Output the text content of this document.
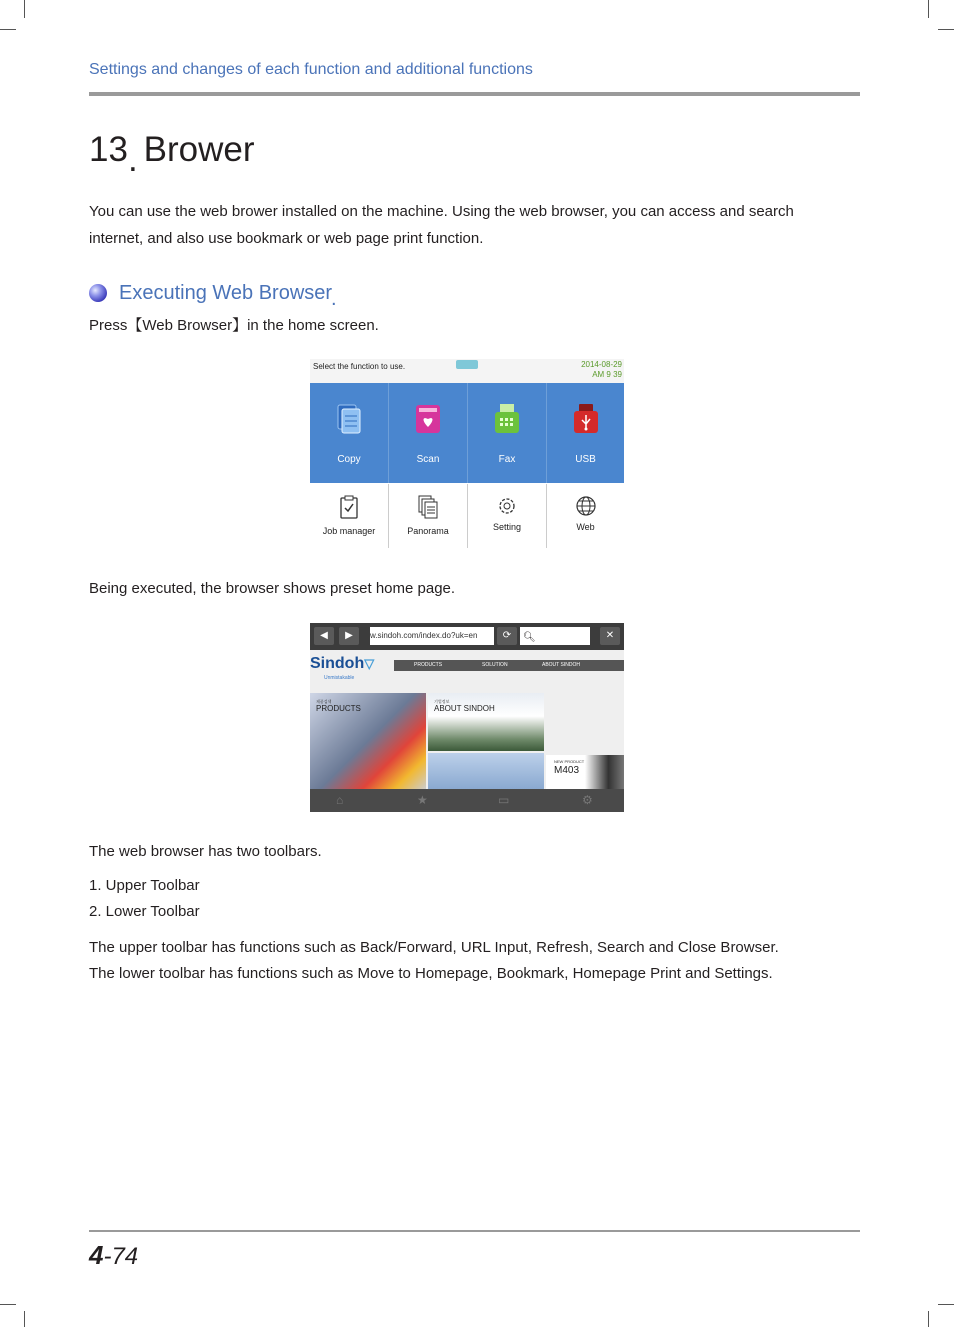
Settings and changes of each function and additional functions
13. Brower
You can use the web brower installed on the machine. Using the web browser, you can access and search
internet, and also use bookmark or web page print function.
Executing Web Browser.
Press【Web Browser】in the home screen.
Select the function to use.	2014-08-29
AM 9 39
Copy	Scan	Fax	USB
Job manager	Panorama	Setting	Web
Being executed, the browser shows preset home page.
◀	▶	w.sindoh.com/index.do?uk=en	⟳	🔍︎	✕
Sindoh▽
Unmistakable
PRODUCTS	SOLUTION	ABOUT SINDOH
제품검색
PRODUCTS
기업정보
ABOUT SINDOH
NEW PRODUCT
M403
⌂	★	▭	⚙︎
The web browser has two toolbars.
1. Upper Toolbar
2. Lower Toolbar
The upper toolbar has functions such as Back/Forward, URL Input, Refresh, Search and Close Browser.
The lower toolbar has functions such as Move to Homepage, Bookmark, Homepage Print and Settings.
4-74
